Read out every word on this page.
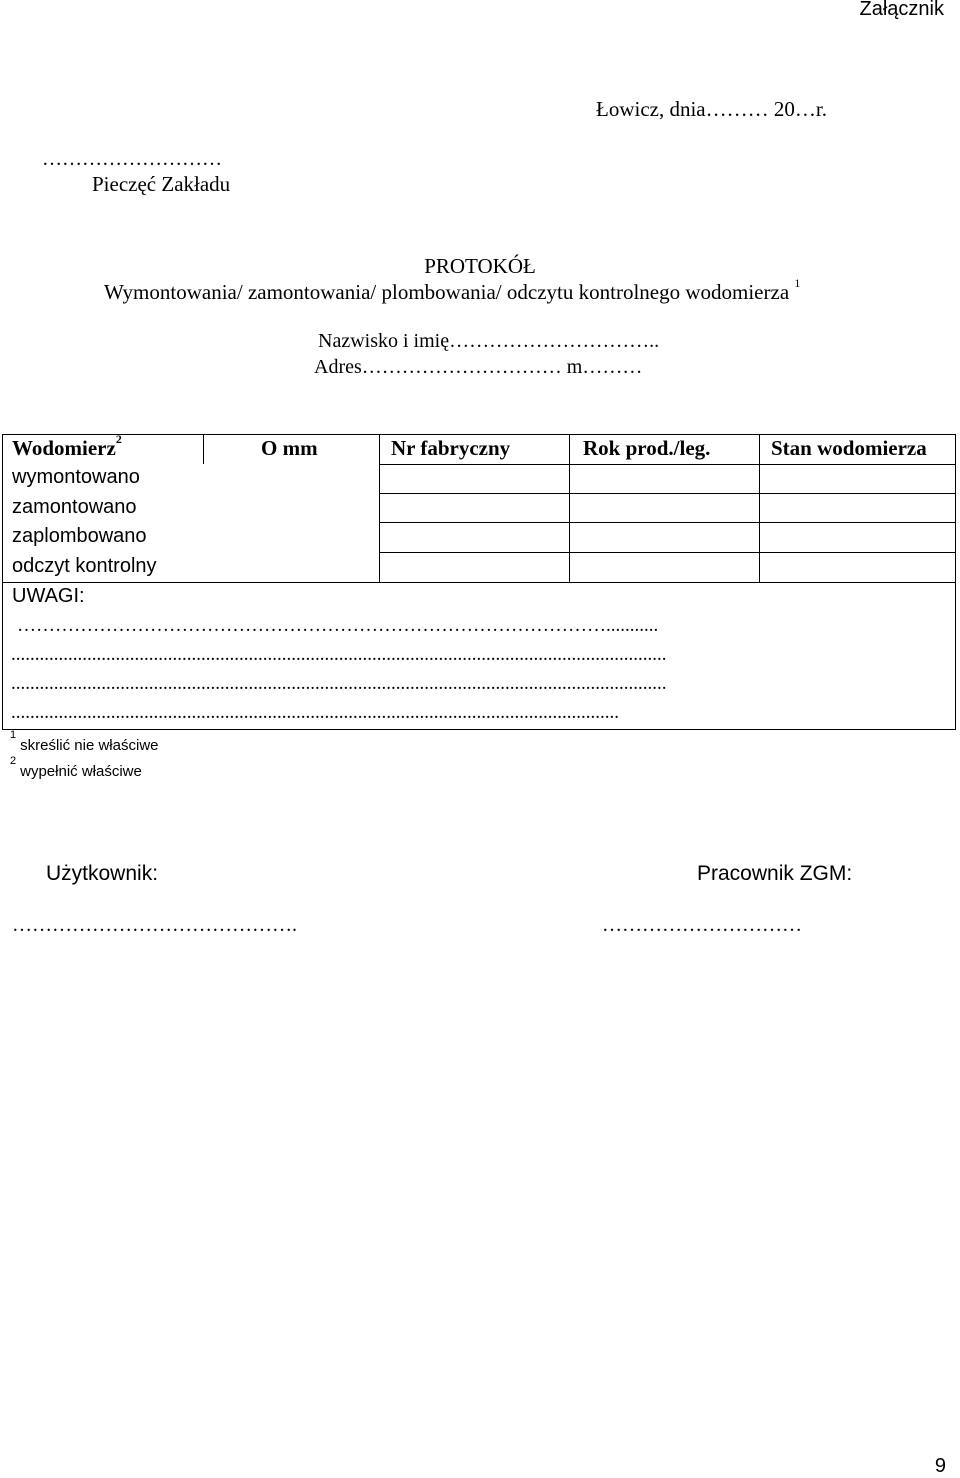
Załącznik
Łowicz, dnia……… 20…r.
………………………
Pieczęć Zakładu
PROTOKÓŁ
Wymontowania/ zamontowania/ plombowania/ odczytu kontrolnego wodomierza $^1$
Nazwisko i imię…………………………..
Adres………………………… m………
Wodomierz$^2$	O mm	Nr fabryczny	Rok prod./leg.	Stan wodomierza
wymontowano
zamontowano
zaplombowano
odczyt kontrolny
UWAGI:
…………………………………………………………………………………...........
..........................................................................................................................................
..........................................................................................................................................
................................................................................................................................
$^1$skreślić nie właściwe
$^2$wypełnić właściwe
Użytkownik:	Pracownik ZGM:
…………………………………….	…………………………
9
